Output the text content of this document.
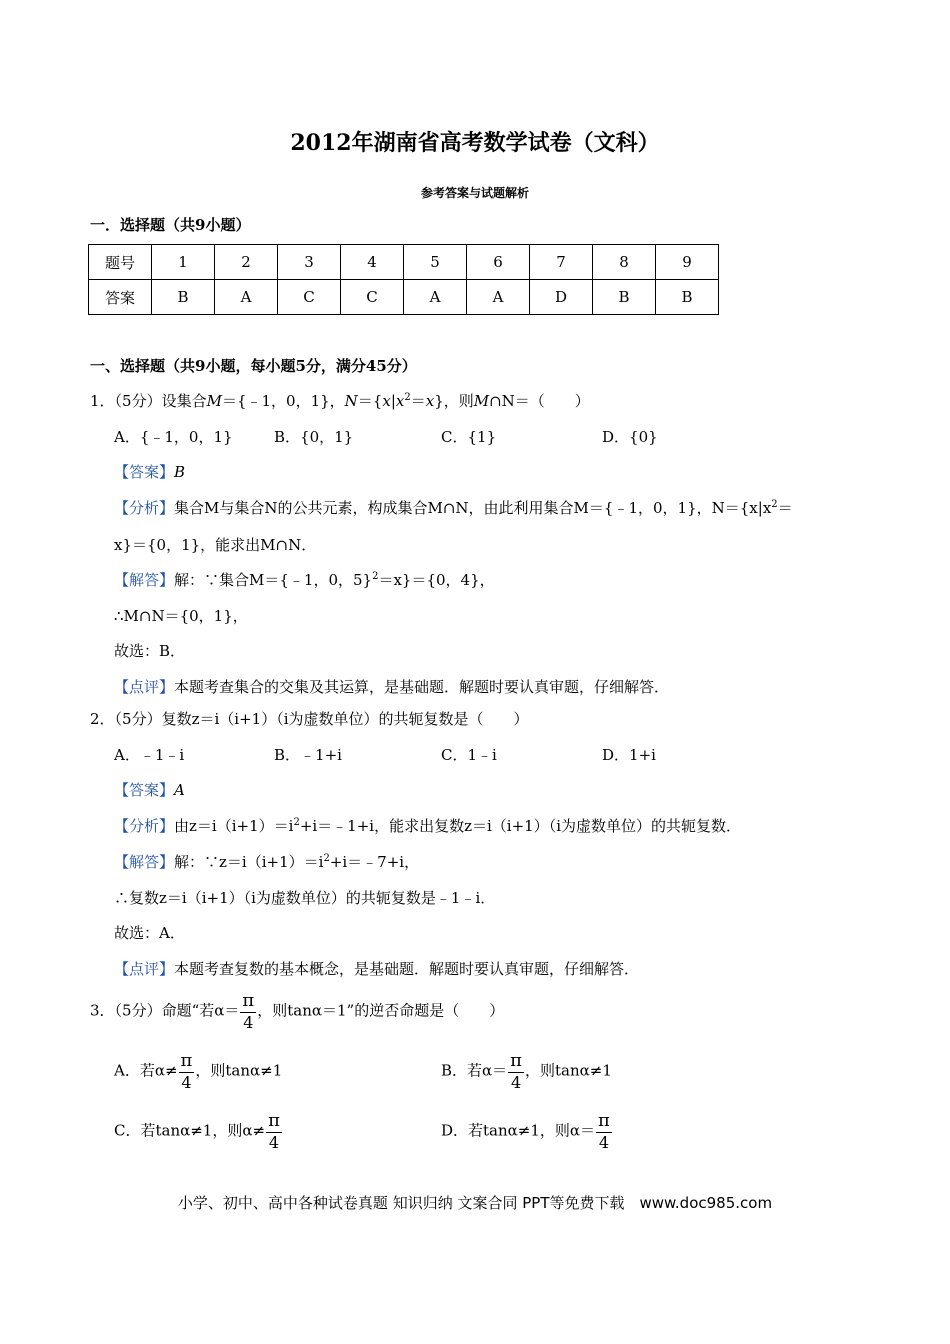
2012年湖南省高考数学试卷（文科）
参考答案与试题解析
一．选择题（共9小题）
题号	1	2	3	4	5	6	7	8	9
答案	B	A	C	C	A	A	D	B	B
一、选择题（共9小题，每小题5分，满分45分）
1．（5分）设集合M＝{﹣1，0，1}，$N=\{x|x^2=x\}$，则M∩N＝（　　）
A．{﹣1，0，1}	B．{0，1}	C．{1}	D．{0}
【答案】B
【分析】集合M与集合N的公共元素，构成集合M∩N，由此利用集合M＝{﹣1，0，1}，$N=\{x|x^2=$
x}＝{0，1}，能求出M∩N．
【解答】解：∵集合M＝{﹣1，0，5}$^2$＝x}＝{0，4}，
∴M∩N＝{0，1}，
故选：B．
【点评】本题考查集合的交集及其运算，是基础题．解题时要认真审题，仔细解答．
2．（5分）复数z＝i（i+1）（i为虚数单位）的共轭复数是（　　）
A．﹣1﹣i	B．﹣1+i	C．1﹣i	D．1+i
【答案】A
【分析】由$z=i(i+1)=i^2+i=﹣1+i$，能求出复数z＝i（i+1）（i为虚数单位）的共轭复数．
【解答】解：$\because z=i(i+1)=i^2+i=﹣7+i$，
∴复数z＝i（i+1）（i为虚数单位）的共轭复数是﹣1﹣i．
故选：A．
【点评】本题考查复数的基本概念，是基础题．解题时要认真审题，仔细解答．
3．（5分）命题“若$\alpha= \frac{\pi}{4}$ ，则tanα＝1”的逆否命题是（　　）
A．若$\alpha\ne \frac{\pi}{4}$ ，则tanα≠1	B．若$\alpha= \frac{\pi}{4}$ ，则tanα≠1
C．若tanα≠1，则$\alpha\ne \frac{\pi}{4}$	D．若tanα≠1，则$\alpha= \frac{\pi}{4}$
小学、初中、高中各种试卷真题 知识归纳 文案合同 PPT等免费下载　www.doc985.com
